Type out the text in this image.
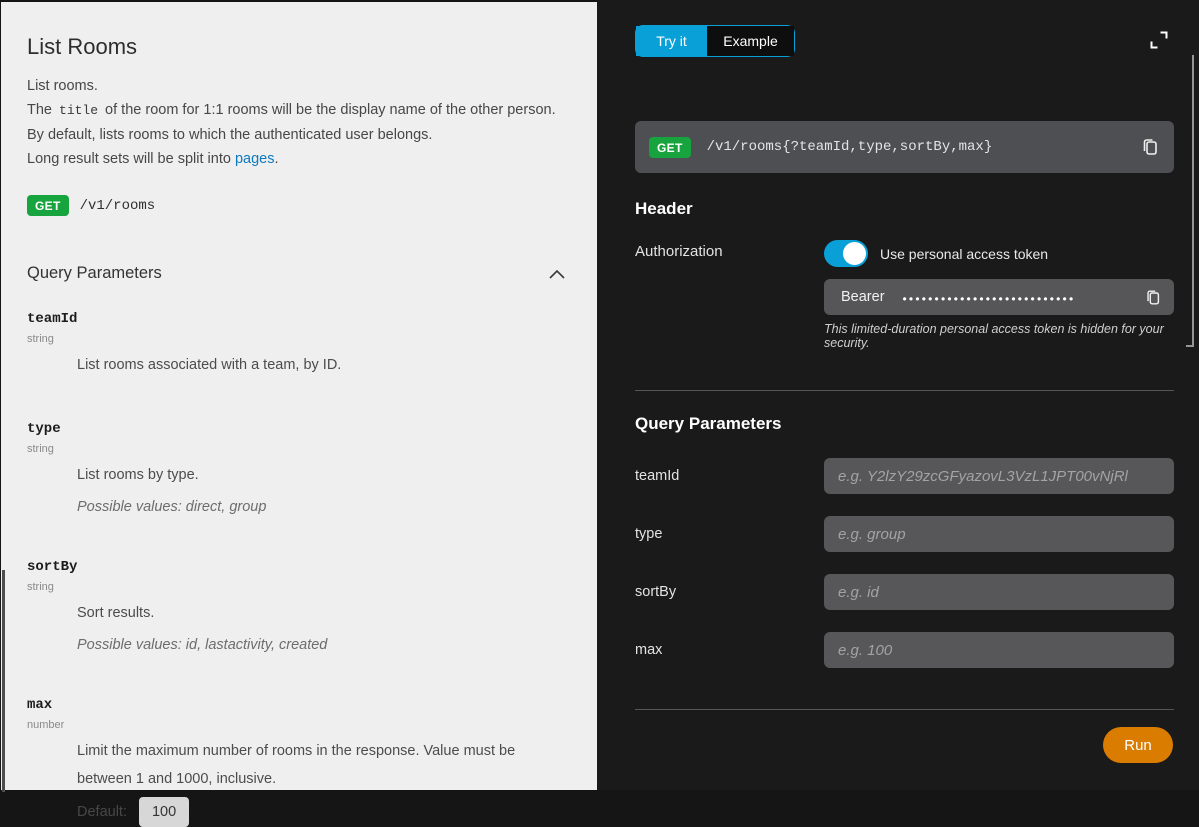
List Rooms
List rooms.
The title of the room for 1:1 rooms will be the display name of the other person.
By default, lists rooms to which the authenticated user belongs.
Long result sets will be split into pages.
GET	/v1/rooms
Query Parameters
teamId
string
List rooms associated with a team, by ID.
type
string
List rooms by type.
Possible values: direct, group
sortBy
string
Sort results.
Possible values: id, lastactivity, created
max
number
Limit the maximum number of rooms in the response. Value must be between 1 and 1000, inclusive.
Default:	100
Try it	Example
GET	/v1/rooms{?teamId,type,sortBy,max}
Header
Authorization	Use personal access token
Bearer •••••••••••••••••••••••••••
This limited-duration personal access token is hidden for your security.
Query Parameters
teamId
e.g. Y2lzY29zcGFyazovL3VzL1JPT00vNjRl
type
e.g. group
sortBy
e.g. id
max
e.g. 100
Run
